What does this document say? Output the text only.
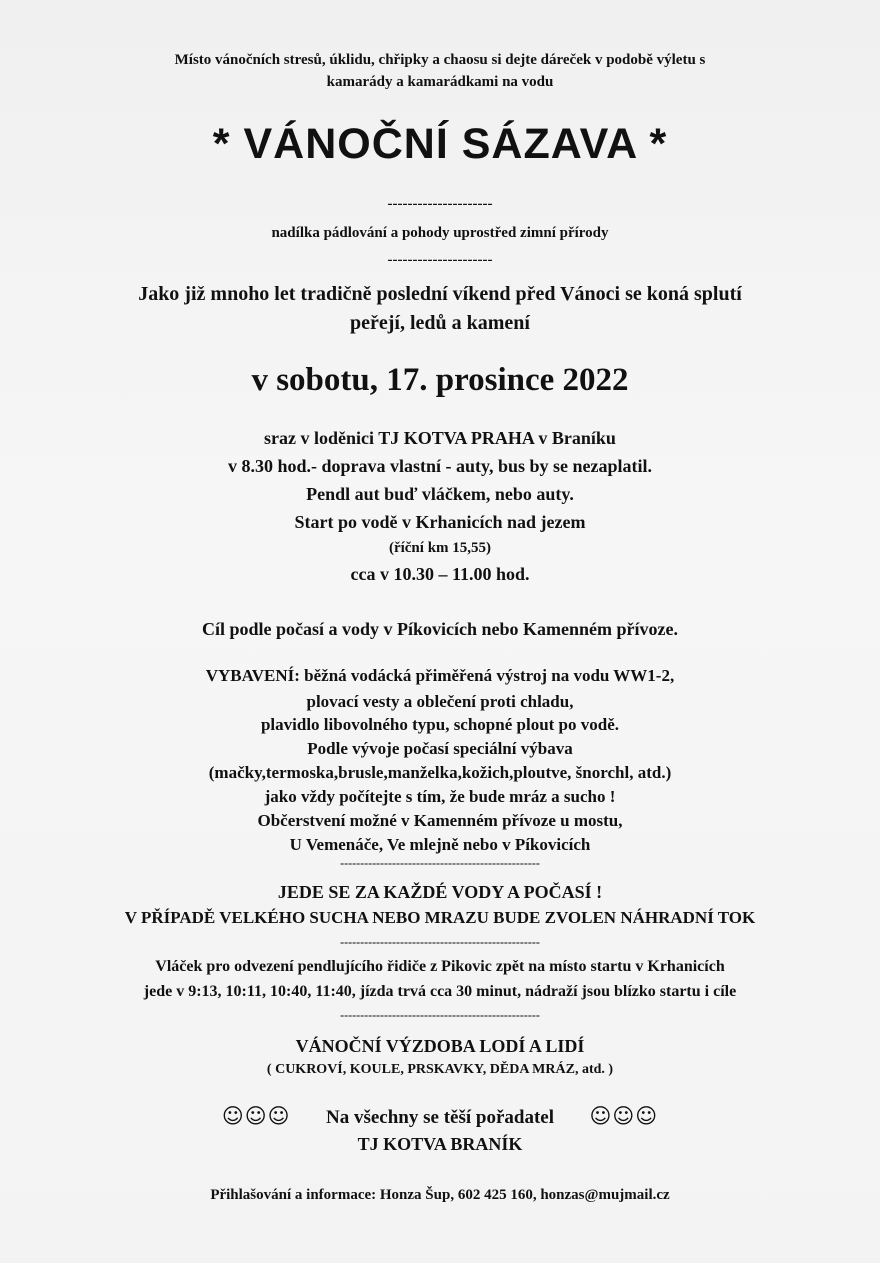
Místo vánočních stresů, úklidu, chřipky a chaosu si dejte dáreček v podobě výletu s
kamarády a kamarádkami na vodu
* VÁNOČNÍ SÁZAVA *
---------------------
nadílka pádlování a pohody uprostřed zimní přírody
---------------------
Jako již mnoho let tradičně poslední víkend před Vánoci se koná splutí
peřejí, ledů a kamení
v sobotu, 17. prosince 2022
sraz v loděnici TJ KOTVA PRAHA v Braníku
v 8.30 hod.- doprava vlastní - auty, bus by se nezaplatil.
Pendl aut buď vláčkem, nebo auty.
Start po vodě v Krhanicích nad jezem
(říční km 15,55)
cca v 10.30 – 11.00 hod.
Cíl podle počasí a vody v Píkovicích nebo Kamenném přívoze.
VYBAVENÍ: běžná vodácká přiměřená výstroj na vodu WW1-2,
plovací vesty a oblečení proti chladu,
plavidlo libovolného typu, schopné plout po vodě.
Podle vývoje počasí speciální výbava
(mačky,termoska,brusle,manželka,kožich,ploutve, šnorchl, atd.)
jako vždy počítejte s tím, že bude mráz a sucho !
Občerstvení možné v Kamenném přívoze u mostu,
U Vemenáče, Ve mlejně nebo v Píkovicích
--------------------------------------------------
JEDE SE ZA KAŽDÉ VODY A POČASÍ !
V PŘÍPADĚ VELKÉHO SUCHA NEBO MRAZU BUDE ZVOLEN NÁHRADNÍ TOK
--------------------------------------------------
Vláček pro odvezení pendlujícího řidiče z Pikovic zpět na místo startu v Krhanicích
jede v 9:13, 10:11, 10:40, 11:40, jízda trvá cca 30 minut, nádraží jsou blízko startu i cíle
--------------------------------------------------
VÁNOČNÍ VÝZDOBA LODÍ A LIDÍ
( CUKROVÍ, KOULE, PRSKAVKY, DĚDA MRÁZ, atd. )
☺☺☺ Na všechny se těší pořadatel ☺☺☺
TJ KOTVA BRANÍK
Přihlašování a informace: Honza Šup, 602 425 160, honzas@mujmail.cz
